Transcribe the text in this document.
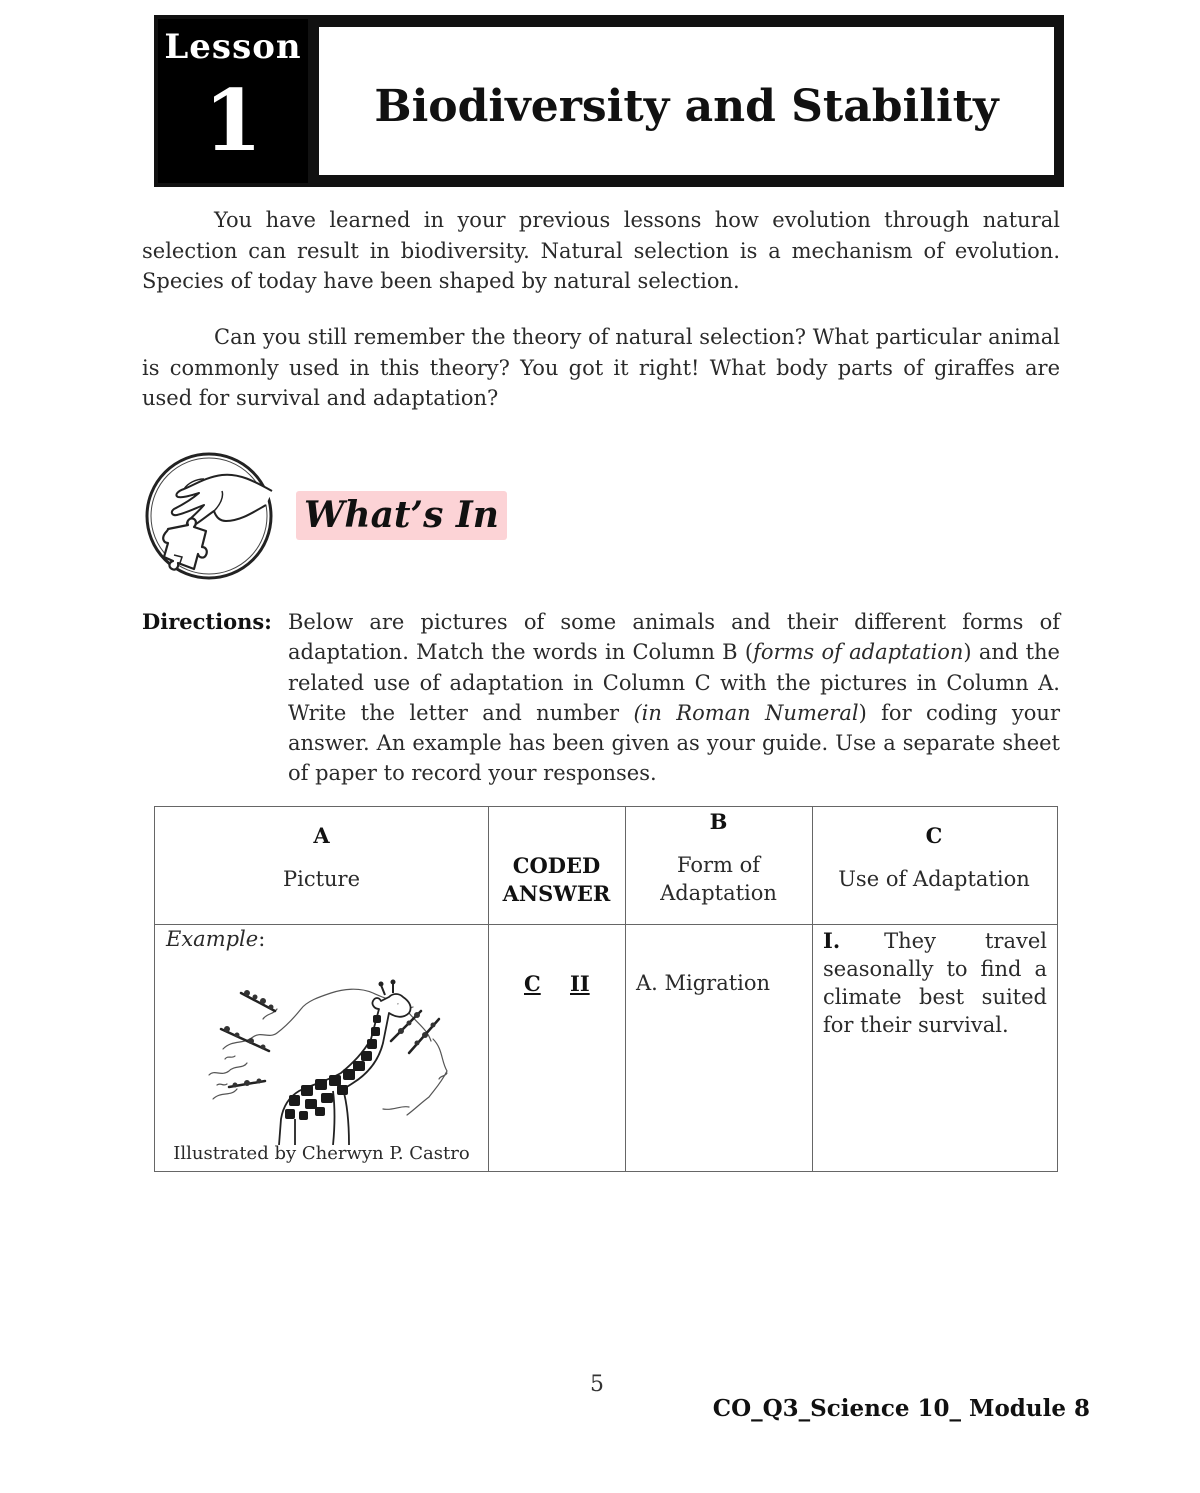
Lesson
1	Biodiversity and Stability
You have learned in your previous lessons how evolution through natural selection can result in biodiversity. Natural selection is a mechanism of evolution. Species of today have been shaped by natural selection.
Can you still remember the theory of natural selection? What particular animal is commonly used in this theory? You got it right! What body parts of giraffes are used for survival and adaptation?
What’s In
Directions: Below are pictures of some animals and their different forms of adaptation. Match the words in Column B (forms of adaptation) and the related use of adaptation in Column C with the pictures in Column A. Write the letter and number (in Roman Numeral) for coding your answer. An example has been given as your guide. Use a separate sheet of paper to record your responses.
A
Picture
CODED
ANSWER
B
Form of
Adaptation
C
Use of Adaptation
Example:
Illustrated by Cherwyn P. Castro
C II A. Migration
I. They travel
seasonally to find a
climate best suited
for their survival.
5
CO_Q3_Science 10_ Module 8
